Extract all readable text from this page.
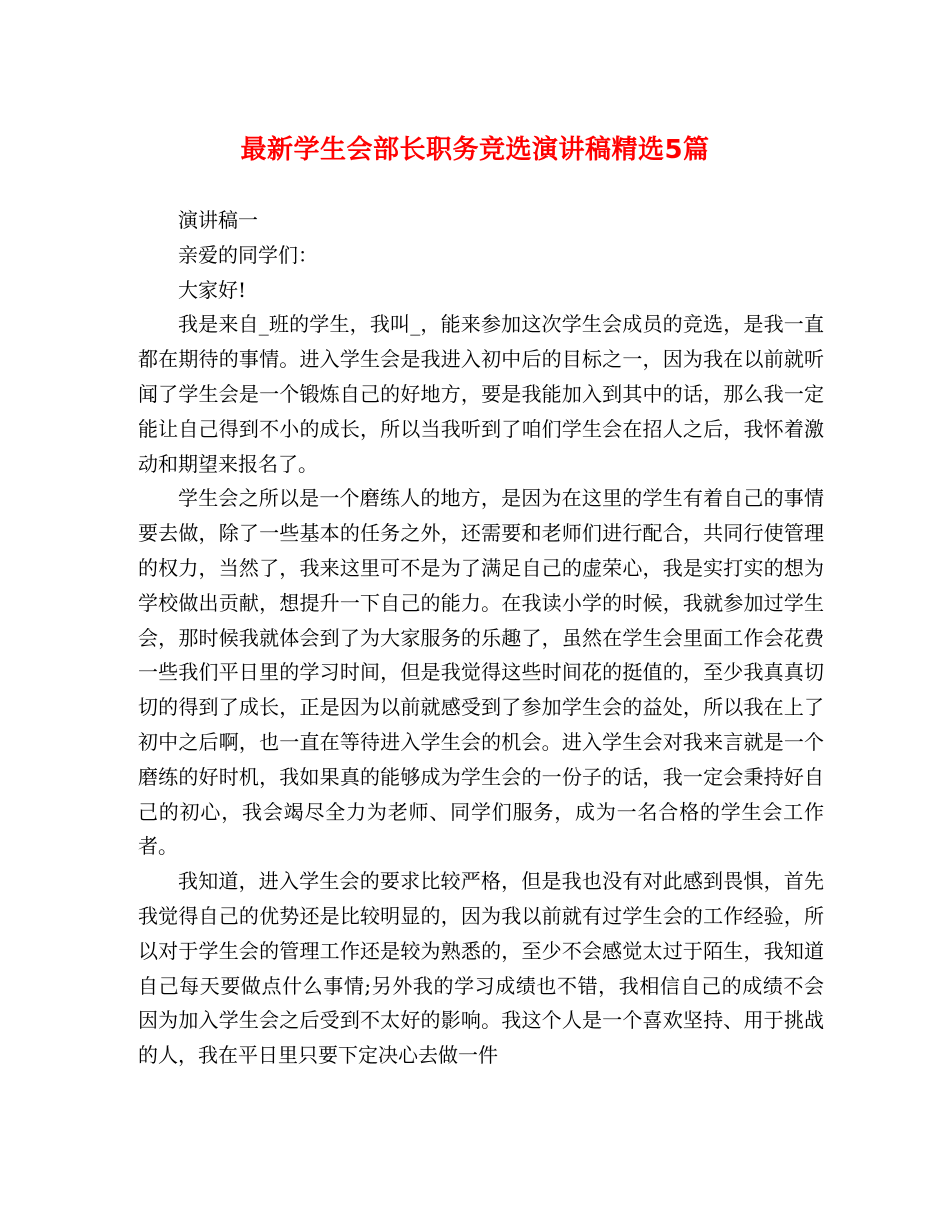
最新学生会部长职务竞选演讲稿精选5篇

演讲稿一

亲爱的同学们：

大家好!

我是来自_班的学生，我叫_，能来参加这次学生会成员的竞选，是我一直都在期待的事情。进入学生会是我进入初中后的目标之一，因为我在以前就听闻了学生会是一个锻炼自己的好地方，要是我能加入到其中的话，那么我一定能让自己得到不小的成长，所以当我听到了咱们学生会在招人之后，我怀着激动和期望来报名了。

学生会之所以是一个磨练人的地方，是因为在这里的学生有着自己的事情要去做，除了一些基本的任务之外，还需要和老师们进行配合，共同行使管理的权力，当然了，我来这里可不是为了满足自己的虚荣心，我是实打实的想为学校做出贡献，想提升一下自己的能力。在我读小学的时候，我就参加过学生会，那时候我就体会到了为大家服务的乐趣了，虽然在学生会里面工作会花费一些我们平日里的学习时间，但是我觉得这些时间花的挺值的，至少我真真切切的得到了成长，正是因为以前就感受到了参加学生会的益处，所以我在上了初中之后啊，也一直在等待进入学生会的机会。进入学生会对我来言就是一个磨练的好时机，我如果真的能够成为学生会的一份子的话，我一定会秉持好自己的初心，我会竭尽全力为老师、同学们服务，成为一名合格的学生会工作者。

我知道，进入学生会的要求比较严格，但是我也没有对此感到畏惧，首先我觉得自己的优势还是比较明显的，因为我以前就有过学生会的工作经验，所以对于学生会的管理工作还是较为熟悉的，至少不会感觉太过于陌生，我知道自己每天要做点什么事情;另外我的学习成绩也不错，我相信自己的成绩不会因为加入学生会之后受到不太好的影响。我这个人是一个喜欢坚持、用于挑战的人，我在平日里只要下定决心去做一件
